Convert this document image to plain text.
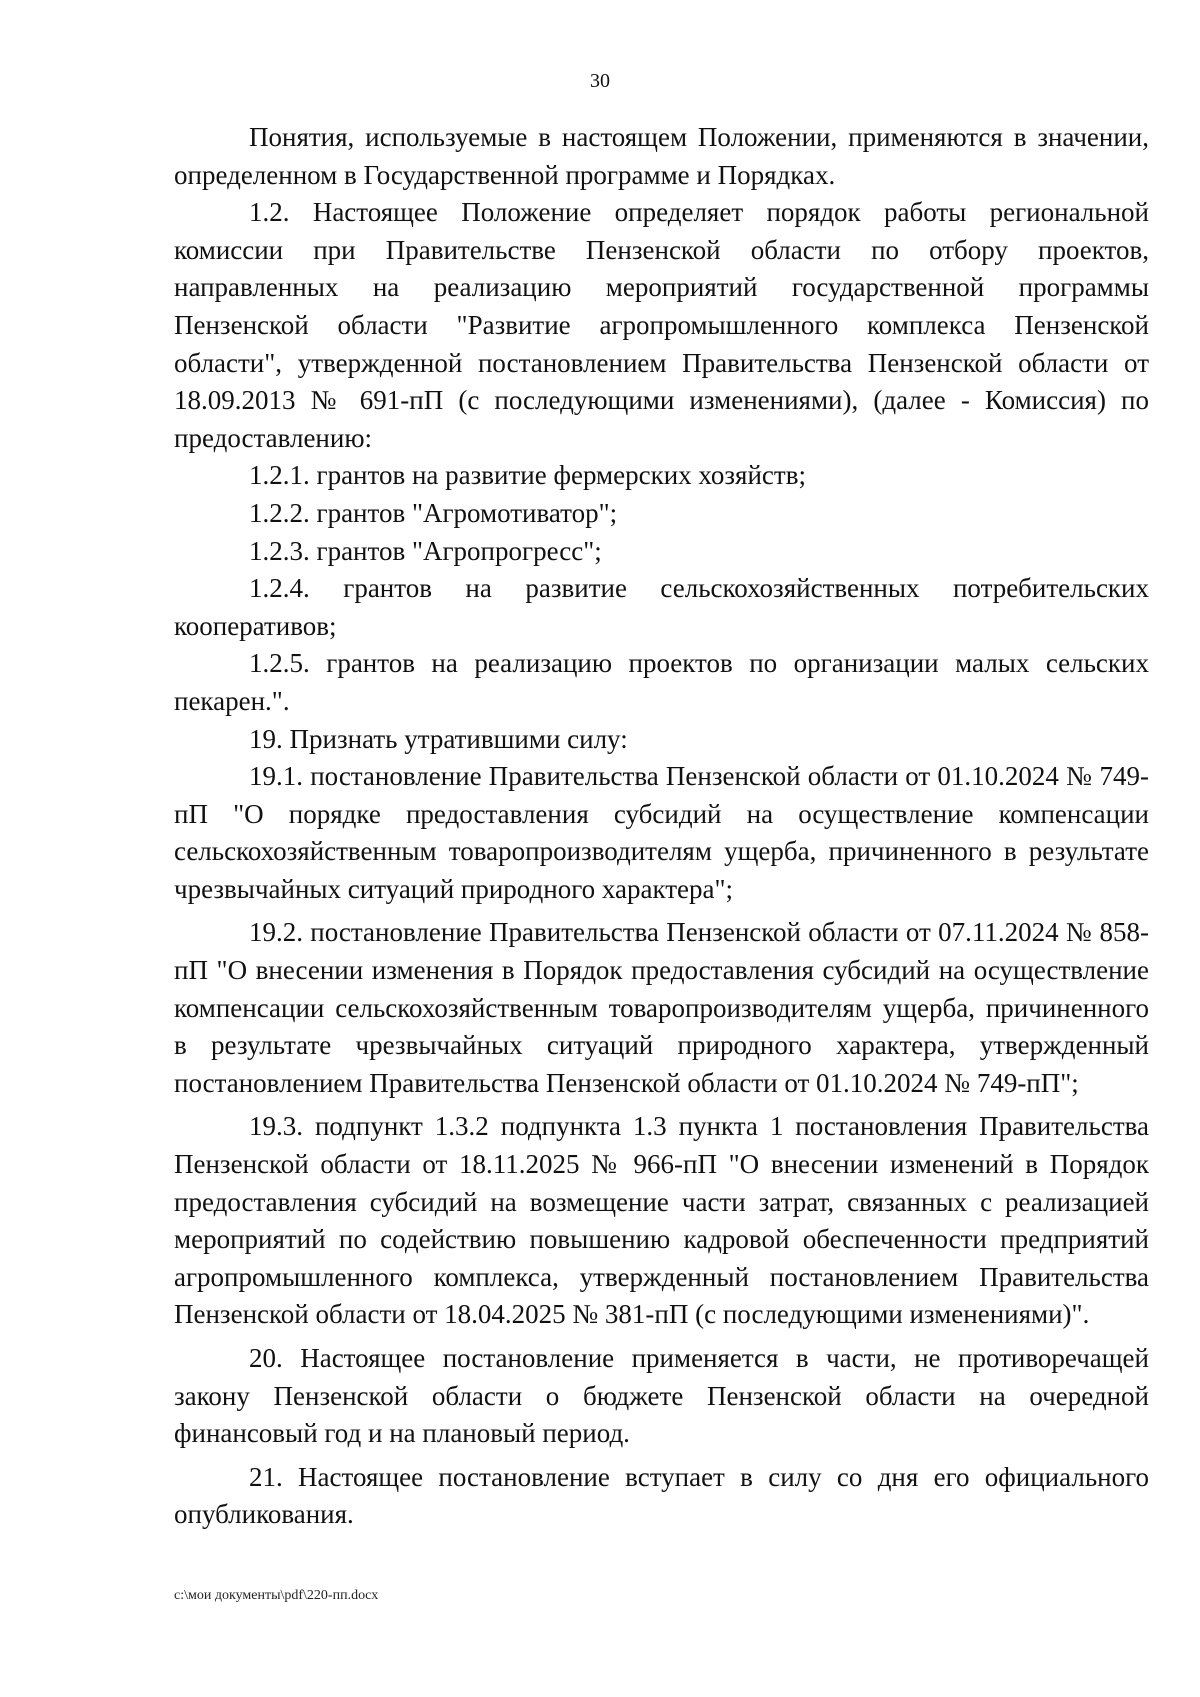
30

Понятия, используемые в настоящем Положении, применяются в значении, определенном в Государственной программе и Порядках.

1.2. Настоящее Положение определяет порядок работы региональной комиссии при Правительстве Пензенской области по отбору проектов, направленных на реализацию мероприятий государственной программы Пензенской области "Развитие агропромышленного комплекса Пензенской области", утвержденной постановлением Правительства Пензенской области от 18.09.2013 № 691-пП (с последующими изменениями), (далее - Комиссия) по предоставлению:

1.2.1. грантов на развитие фермерских хозяйств;

1.2.2. грантов "Агромотиватор";

1.2.3. грантов "Агропрогресс";

1.2.4. грантов на развитие сельскохозяйственных потребительских кооперативов;

1.2.5. грантов на реализацию проектов по организации малых сельских пекарен.".

19. Признать утратившими силу:

19.1. постановление Правительства Пензенской области от 01.10.2024 № 749-пП "О порядке предоставления субсидий на осуществление компенсации сельскохозяйственным товаропроизводителям ущерба, причиненного в результате чрезвычайных ситуаций природного характера";

19.2. постановление Правительства Пензенской области от 07.11.2024 № 858-пП "О внесении изменения в Порядок предоставления субсидий на осуществление компенсации сельскохозяйственным товаропроизводителям ущерба, причиненного в результате чрезвычайных ситуаций природного характера, утвержденный постановлением Правительства Пензенской области от 01.10.2024 № 749-пП";

19.3. подпункт 1.3.2 подпункта 1.3 пункта 1 постановления Правительства Пензенской области от 18.11.2025 № 966-пП "О внесении изменений в Порядок предоставления субсидий на возмещение части затрат, связанных с реализацией мероприятий по содействию повышению кадровой обеспеченности предприятий агропромышленного комплекса, утвержденный постановлением Правительства Пензенской области от 18.04.2025 № 381-пП (с последующими изменениями)".

20. Настоящее постановление применяется в части, не противоречащей закону Пензенской области о бюджете Пензенской области на очередной финансовый год и на плановый период.

21. Настоящее постановление вступает в силу со дня его официального опубликования.

c:\мои документы\pdf\220-пп.docx
